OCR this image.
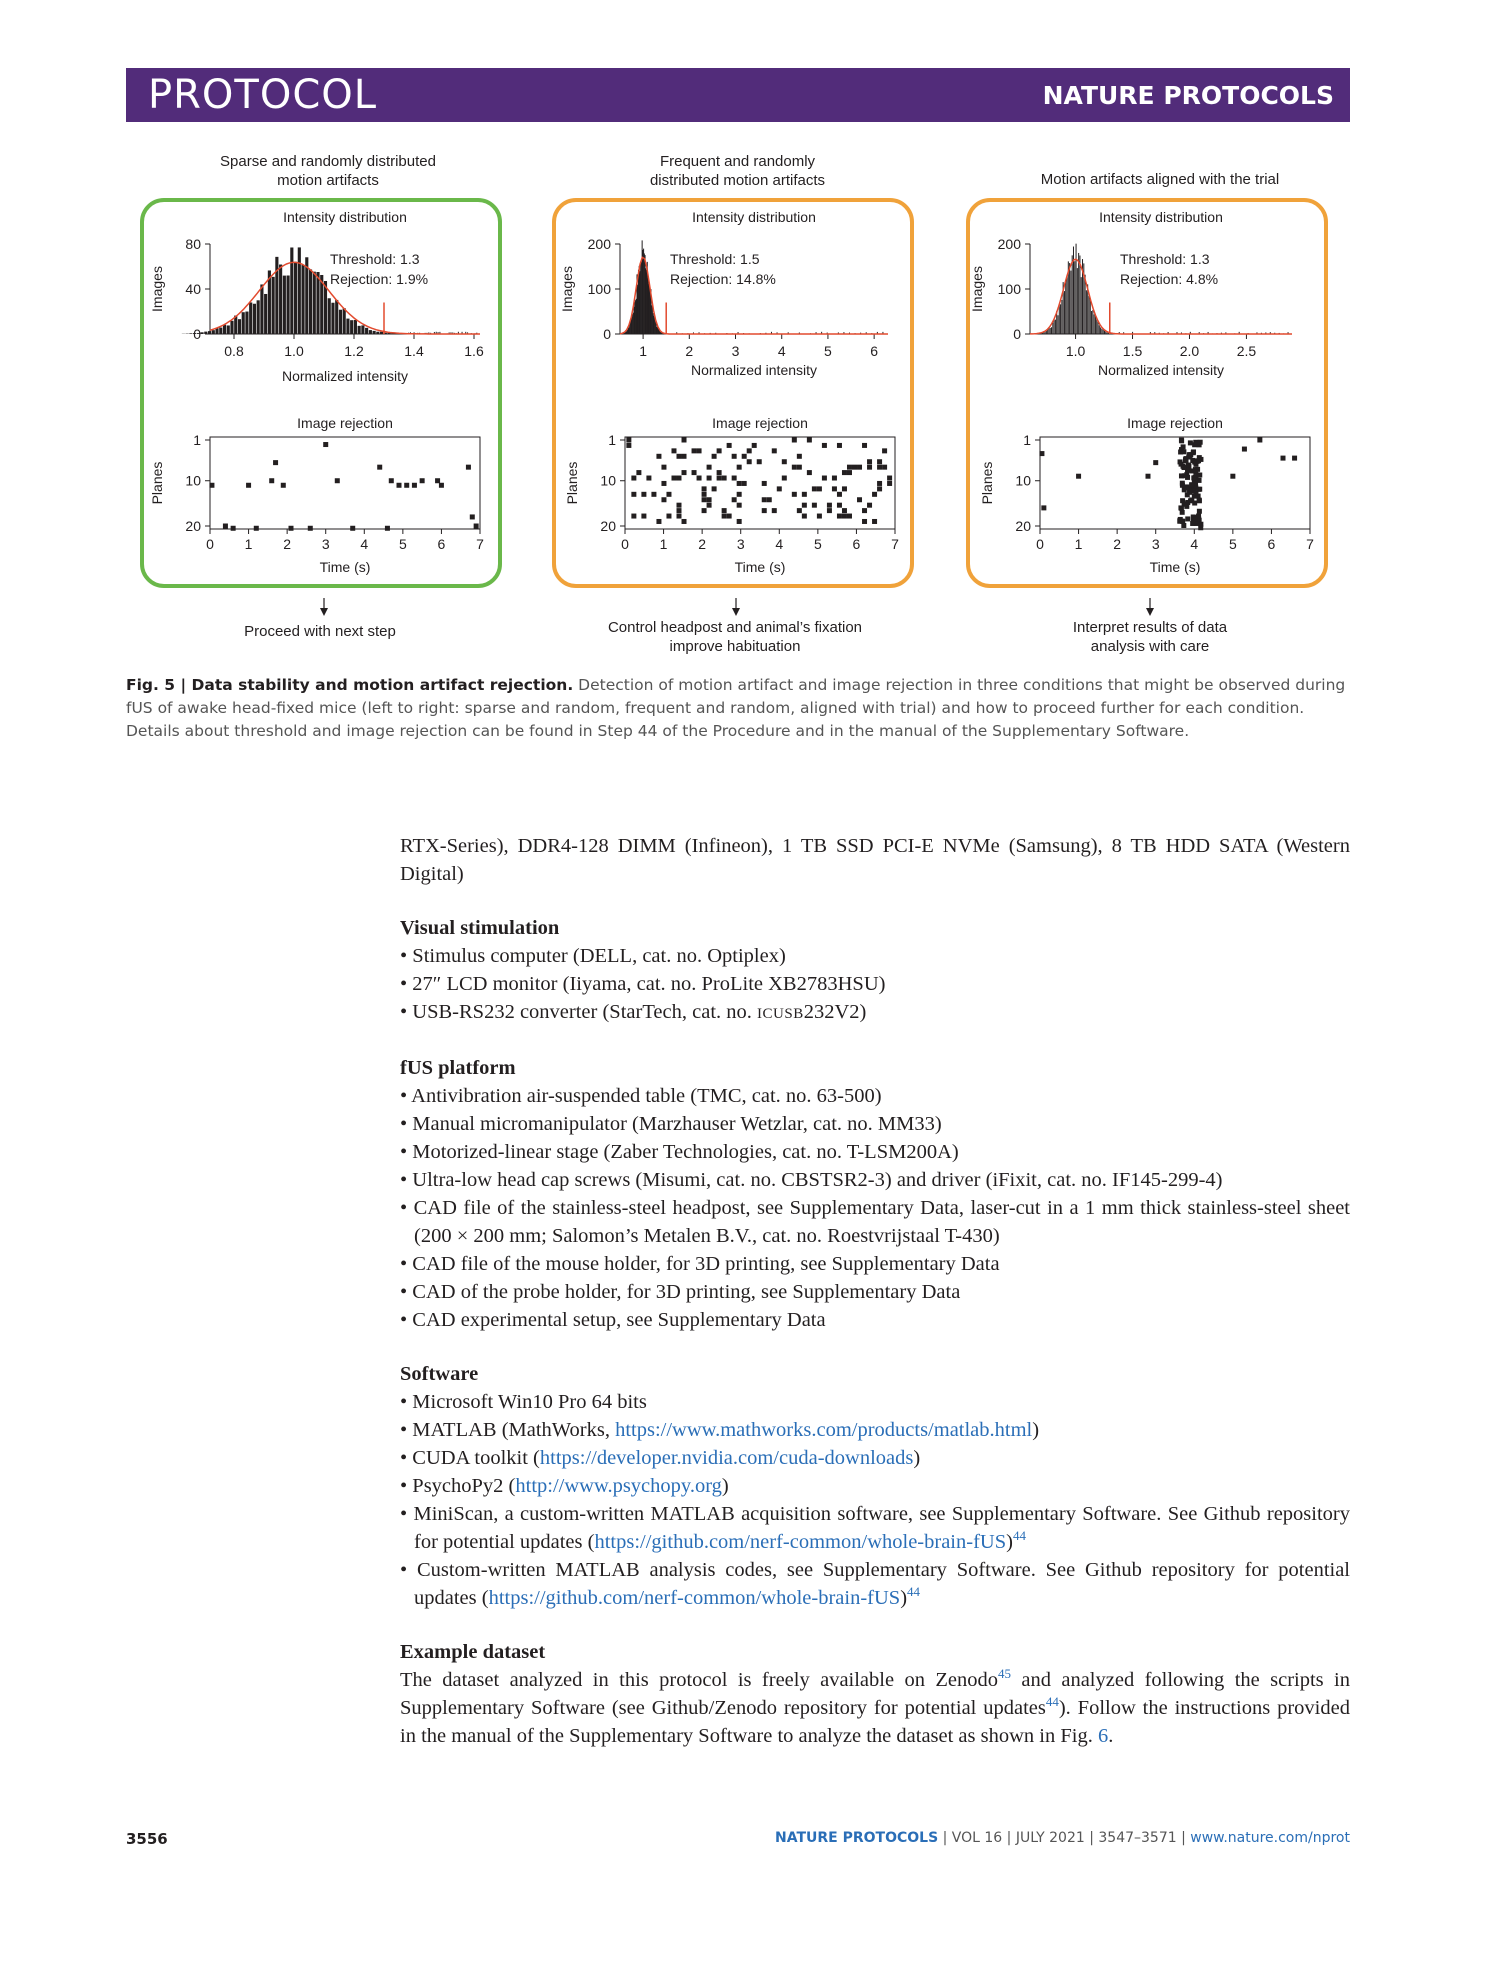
PROTOCOL	NATURE PROTOCOLS
Sparse and randomly distributed motion artifacts
Frequent and randomly distributed motion artifacts	Motion artifacts aligned with the trial
Intensity distribution
Images
Normalized intensity
0
40
80
0.8	1.0	1.2	1.4	1.6
Threshold: 1.3
Rejection: 1.9%
Intensity distribution
Images
Normalized intensity
0
100
200
1	2	3	4	5	6
Threshold: 1.5
Rejection: 14.8%
Intensity distribution
Images
Normalized intensity
0
100
200
1.0	1.5	2.0	2.5
Threshold: 1.3
Rejection: 4.8%
Image rejection
Planes
Time (s)
1
10
20
0 1 2 3 4 5 6 7
Image rejection
Planes
Time (s)
1
10
20
0 1 2 3 4 5 6 7
Image rejection
Planes
Time (s)
1
10
20
0 1 2 3 4 5 6 7
Proceed with next step	Control headpost and animal’s fixation improve habituation
Interpret results of data analysis with care
Fig. 5 | Data stability and motion artifact rejection. Detection of motion artifact and image rejection in three conditions that might be observed during fUS of awake head-fixed mice (left to right: sparse and random, frequent and random, aligned with trial) and how to proceed further for each condition. Details about threshold and image rejection can be found in Step 44 of the Procedure and in the manual of the Supplementary Software.

RTX-Series), DDR4-128 DIMM (Infineon), 1 TB SSD PCI-E NVMe (Samsung), 8 TB HDD SATA (Western Digital)

Visual stimulation

• Stimulus computer (DELL, cat. no. Optiplex)

• 27″ LCD monitor (Iiyama, cat. no. ProLite XB2783HSU)

• USB-RS232 converter (StarTech, cat. no. ICUSB232V2)

fUS platform

• Antivibration air-suspended table (TMC, cat. no. 63-500)

• Manual micromanipulator (Marzhauser Wetzlar, cat. no. MM33)

• Motorized-linear stage (Zaber Technologies, cat. no. T-LSM200A)

• Ultra-low head cap screws (Misumi, cat. no. CBSTSR2-3) and driver (iFixit, cat. no. IF145-299-4)

• CAD file of the stainless-steel headpost, see Supplementary Data, laser-cut in a 1 mm thick stainless-steel sheet (200 × 200 mm; Salomon’s Metalen B.V., cat. no. Roestvrijstaal T-430)

• CAD file of the mouse holder, for 3D printing, see Supplementary Data

• CAD of the probe holder, for 3D printing, see Supplementary Data

• CAD experimental setup, see Supplementary Data

Software

• Microsoft Win10 Pro 64 bits

• MATLAB (MathWorks, https://www.mathworks.com/products/matlab.html)

• CUDA toolkit (https://developer.nvidia.com/cuda-downloads)

• PsychoPy2 (http://www.psychopy.org)

• MiniScan, a custom-written MATLAB acquisition software, see Supplementary Software. See Github repository for potential updates (https://github.com/nerf-common/whole-brain-fUS)$^{44}$

• Custom-written MATLAB analysis codes, see Supplementary Software. See Github repository for potential updates (https://github.com/nerf-common/whole-brain-fUS)$^{44}$

Example dataset

The dataset analyzed in this protocol is freely available on Zenodo$^{45}$ and analyzed following the scripts in Supplementary Software (see Github/Zenodo repository for potential updates$^{44}$). Follow the instructions provided in the manual of the Supplementary Software to analyze the dataset as shown in Fig. 6.

3556	NATURE PROTOCOLS | VOL 16 | JULY 2021 | 3547–3571 | www.nature.com/nprot
